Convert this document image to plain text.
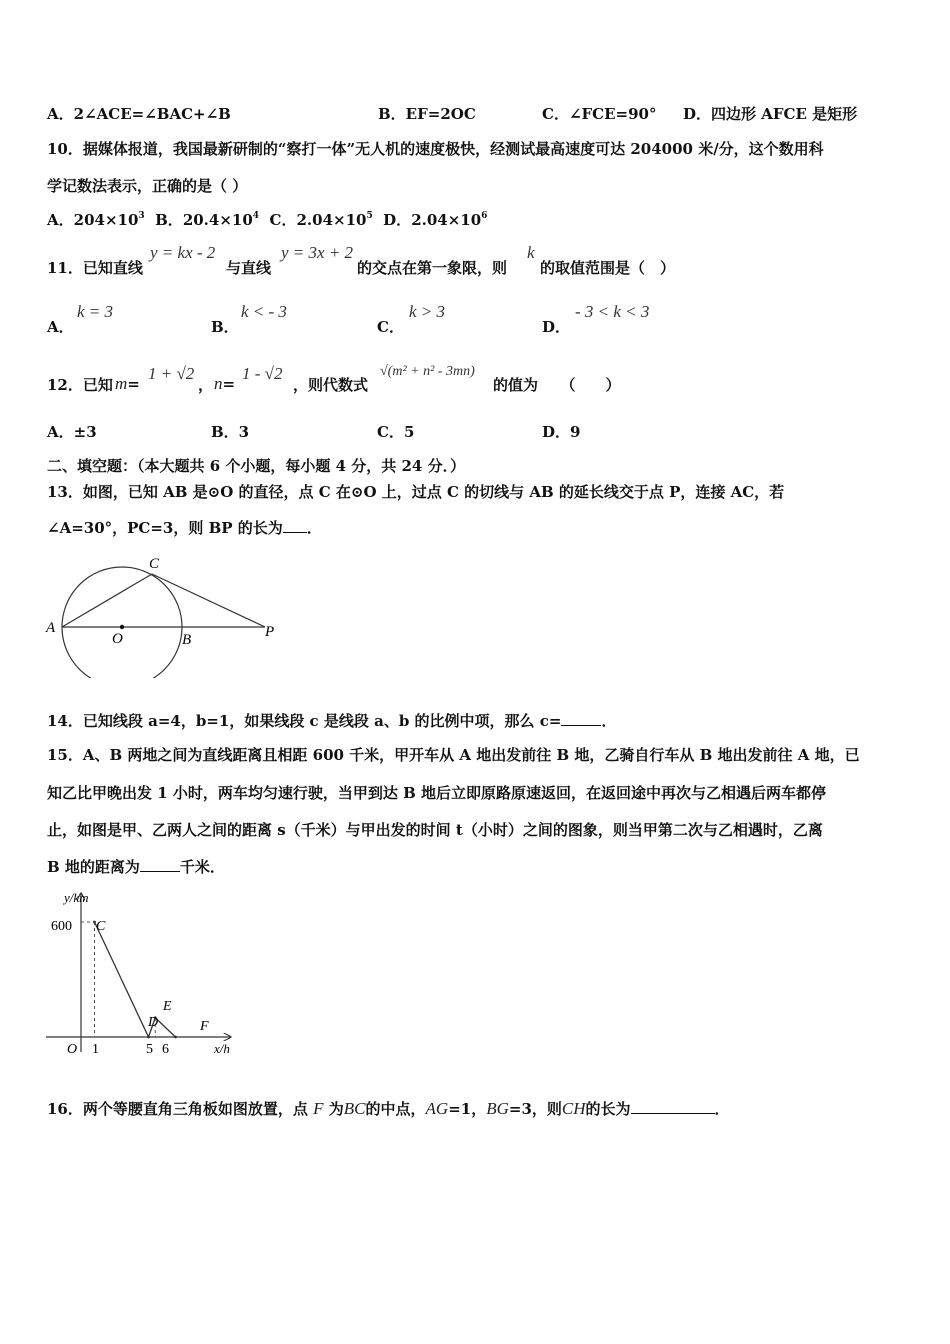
A．2∠ACE=∠BAC+∠B	B．EF=2OC	C．∠FCE=90° D．四边形 AFCE 是矩形
10．据媒体报道，我国最新研制的“察打一体”无人机的速度极快，经测试最高速度可达 204000 米/分，这个数用科
学记数法表示，正确的是（ ）
A．$204\times 10^3$ B．$20.4\times 10^4$ C．$2.04\times 10^5$ D．$2.04\times 10^6$
11．已知直线
y = kx - 2
与直线
y = 3x + 2
的交点在第一象限，则
k
的取值范围是（　）
A．
k = 3
B．
k < - 3
C．
k > 3
D．
- 3 < k < 3
12．已知 m=
1 + √2
， n=
1 - √2
，则代数式
√(m² + n² - 3mn)
的值为　　（　　）
A．±3	B．3	C．5	D．9
二、填空题：（本大题共 6 个小题，每小题 4 分，共 24 分．）
13．如图，已知 AB 是⊙O 的直径，点 C 在⊙O 上，过点 C 的切线与 AB 的延长线交于点 P，连接 AC，若
∠A=30°，PC=3，则 BP 的长为 ．
A
O	B	P
C
14．已知线段 a=4，b=1，如果线段 c 是线段 a、b 的比例中项，那么 c=	．
15．A、B 两地之间为直线距离且相距 600 千米，甲开车从 A 地出发前往 B 地，乙骑自行车从 B 地出发前往 A 地，已
知乙比甲晚出发 1 小时，两车均匀速行驶，当甲到达 B 地后立即原路原速返回，在返回途中再次与乙相遇后两车都停
止，如图是甲、乙两人之间的距离 s（千米）与甲出发的时间 t（小时）之间的图象，则当甲第二次与乙相遇时，乙离
B 地的距离为	千米．
y/km
x/h
600
O 1	5 6
C
D
E
F
16．两个等腰直角三角板如图放置，点 F 为BC的中点，AG=1，BG=3，则CH的长为	．
